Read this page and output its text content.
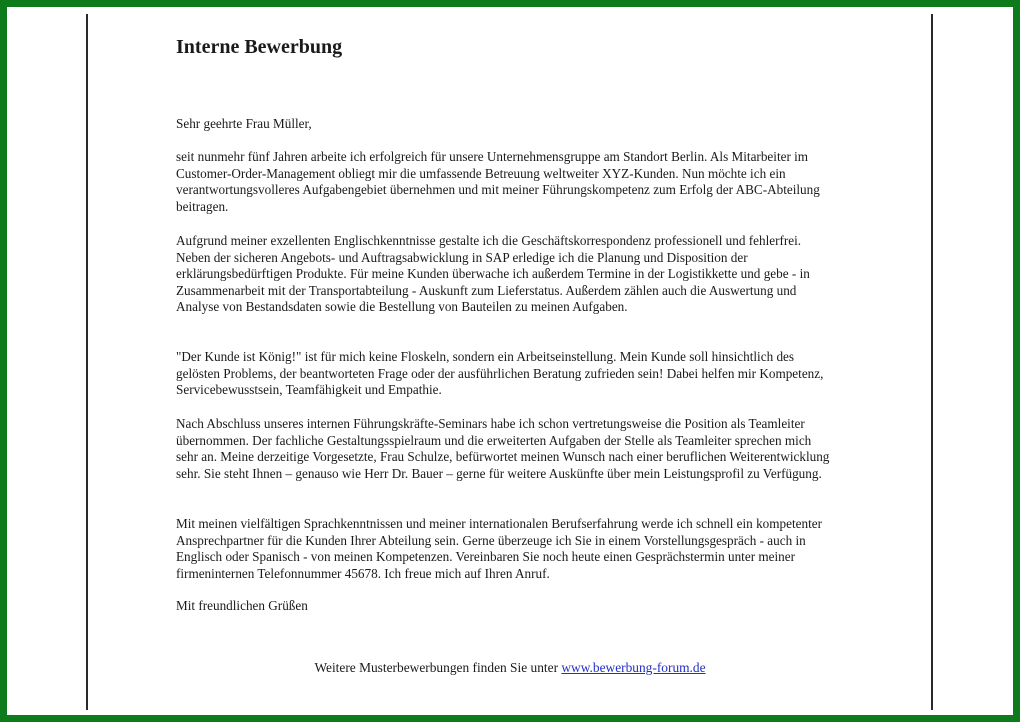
Interne Bewerbung
Sehr geehrte Frau Müller,

seit nunmehr fünf Jahren arbeite ich erfolgreich für unsere Unternehmensgruppe am Standort Berlin. Als Mitarbeiter im Customer-Order-Management obliegt mir die umfassende Betreuung weltweiter XYZ-Kunden. Nun möchte ich ein verantwortungsvolleres Aufgabengebiet übernehmen und mit meiner Führungskompetenz zum Erfolg der ABC-Abteilung beitragen.

Aufgrund meiner exzellenten Englischkenntnisse gestalte ich die Geschäftskorrespondenz professionell und fehlerfrei. Neben der sicheren Angebots- und Auftragsabwicklung in SAP erledige ich die Planung und Disposition der erklärungsbedürftigen Produkte. Für meine Kunden überwache ich außerdem Termine in der Logistikkette und gebe - in Zusammenarbeit mit der Transportabteilung - Auskunft zum Lieferstatus. Außerdem zählen auch die Auswertung und Analyse von Bestandsdaten sowie die Bestellung von Bauteilen zu meinen Aufgaben.

"Der Kunde ist König!" ist für mich keine Floskeln, sondern ein Arbeitseinstellung. Mein Kunde soll hinsichtlich des gelösten Problems, der beantworteten Frage oder der ausführlichen Beratung zufrieden sein! Dabei helfen mir Kompetenz, Servicebewusstsein, Teamfähigkeit und Empathie.

Nach Abschluss unseres internen Führungskräfte-Seminars habe ich schon vertretungsweise die Position als Teamleiter übernommen. Der fachliche Gestaltungsspielraum und die erweiterten Aufgaben der Stelle als Teamleiter sprechen mich sehr an. Meine derzeitige Vorgesetzte, Frau Schulze, befürwortet meinen Wunsch nach einer beruflichen Weiterentwicklung sehr. Sie steht Ihnen – genauso wie Herr Dr. Bauer – gerne für weitere Auskünfte über mein Leistungsprofil zu Verfügung.

Mit meinen vielfältigen Sprachkenntnissen und meiner internationalen Berufserfahrung werde ich schnell ein kompetenter Ansprechpartner für die Kunden Ihrer Abteilung sein. Gerne überzeuge ich Sie in einem Vorstellungsgespräch - auch in Englisch oder Spanisch - von meinen Kompetenzen. Vereinbaren Sie noch heute einen Gesprächstermin unter meiner firmeninternen Telefonnummer 45678. Ich freue mich auf Ihren Anruf.

Mit freundlichen Grüßen
Weitere Musterbewerbungen finden Sie unter www.bewerbung-forum.de
